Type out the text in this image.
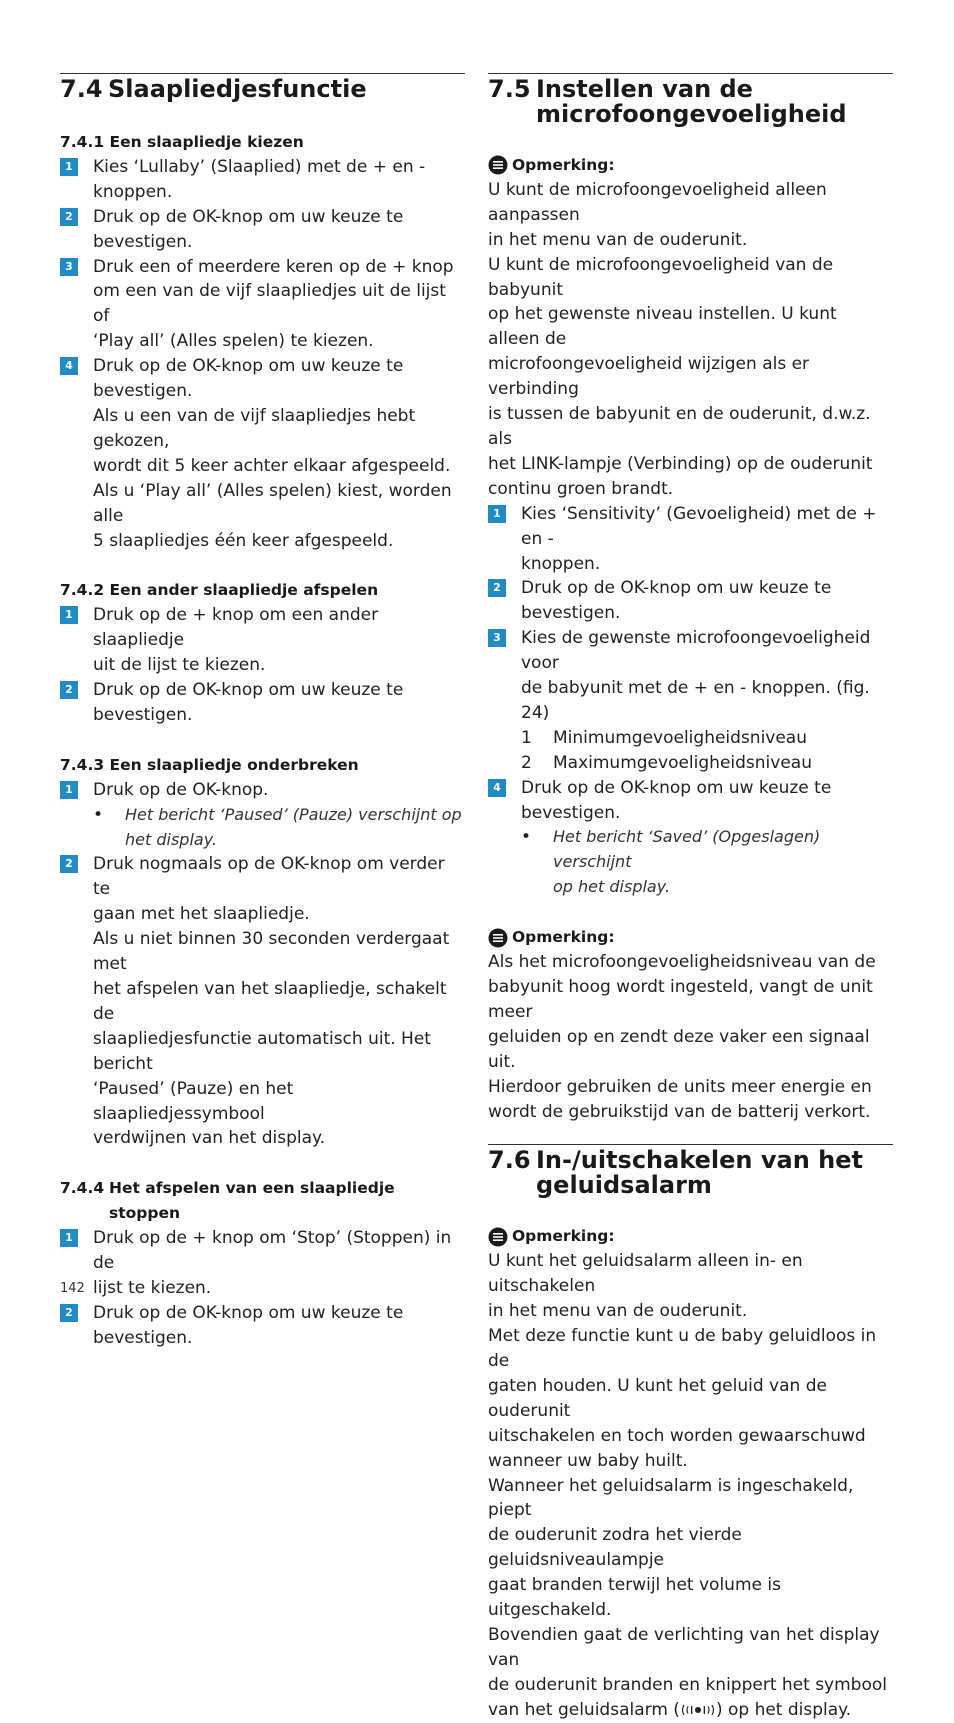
7.4 Slaapliedjesfunctie
7.4.1 Een slaapliedje kiezen
1	Kies ‘Lullaby’ (Slaaplied) met de + en -
knoppen.
2	Druk op de OK-knop om uw keuze te
bevestigen.
3	Druk een of meerdere keren op de + knop
om een van de vijf slaapliedjes uit de lijst of
‘Play all’ (Alles spelen) te kiezen.
4	Druk op de OK-knop om uw keuze te
bevestigen.
Als u een van de vijf slaapliedjes hebt gekozen,
wordt dit 5 keer achter elkaar afgespeeld.
Als u ‘Play all’ (Alles spelen) kiest, worden alle
5 slaapliedjes één keer afgespeeld.
7.4.2 Een ander slaapliedje afspelen
1	Druk op de + knop om een ander slaapliedje
uit de lijst te kiezen.
2	Druk op de OK-knop om uw keuze te
bevestigen.
7.4.3 Een slaapliedje onderbreken
1	Druk op de OK-knop.
•	Het bericht ‘Paused’ (Pauze) verschijnt op
het display.
2	Druk nogmaals op de OK-knop om verder te
gaan met het slaapliedje.
Als u niet binnen 30 seconden verdergaat met
het afspelen van het slaapliedje, schakelt de
slaapliedjesfunctie automatisch uit. Het bericht
‘Paused’ (Pauze) en het slaapliedjessymbool
verdwijnen van het display.
7.4.4 Het afspelen van een slaapliedje
stoppen
1	Druk op de + knop om ‘Stop’ (Stoppen) in de
lijst te kiezen.
2	Druk op de OK-knop om uw keuze te
bevestigen.
7.5 Instellen van de
microfoongevoeligheid
Opmerking:
U kunt de microfoongevoeligheid alleen aanpassen
in het menu van de ouderunit.
U kunt de microfoongevoeligheid van de babyunit
op het gewenste niveau instellen. U kunt alleen de
microfoongevoeligheid wijzigen als er verbinding
is tussen de babyunit en de ouderunit, d.w.z. als
het LINK-lampje (Verbinding) op de ouderunit
continu groen brandt.
1	Kies ‘Sensitivity’ (Gevoeligheid) met de + en -
knoppen.
2	Druk op de OK-knop om uw keuze te
bevestigen.
3	Kies de gewenste microfoongevoeligheid voor
de babyunit met de + en - knoppen. (fig. 24)
1	Minimumgevoeligheidsniveau
2	Maximumgevoeligheidsniveau
4	Druk op de OK-knop om uw keuze te
bevestigen.
•	Het bericht ‘Saved’ (Opgeslagen) verschijnt
op het display.
Opmerking:
Als het microfoongevoeligheidsniveau van de
babyunit hoog wordt ingesteld, vangt de unit meer
geluiden op en zendt deze vaker een signaal uit.
Hierdoor gebruiken de units meer energie en
wordt de gebruikstijd van de batterij verkort.
7.6 In-/uitschakelen van het
geluidsalarm
Opmerking:
U kunt het geluidsalarm alleen in- en uitschakelen
in het menu van de ouderunit.
Met deze functie kunt u de baby geluidloos in de
gaten houden. U kunt het geluid van de ouderunit
uitschakelen en toch worden gewaarschuwd
wanneer uw baby huilt.
Wanneer het geluidsalarm is ingeschakeld, piept
de ouderunit zodra het vierde geluidsniveaulampje
gaat branden terwijl het volume is uitgeschakeld.
Bovendien gaat de verlichting van het display van
de ouderunit branden en knippert het symbool
van het geluidsalarm ( ) op het display.
142
